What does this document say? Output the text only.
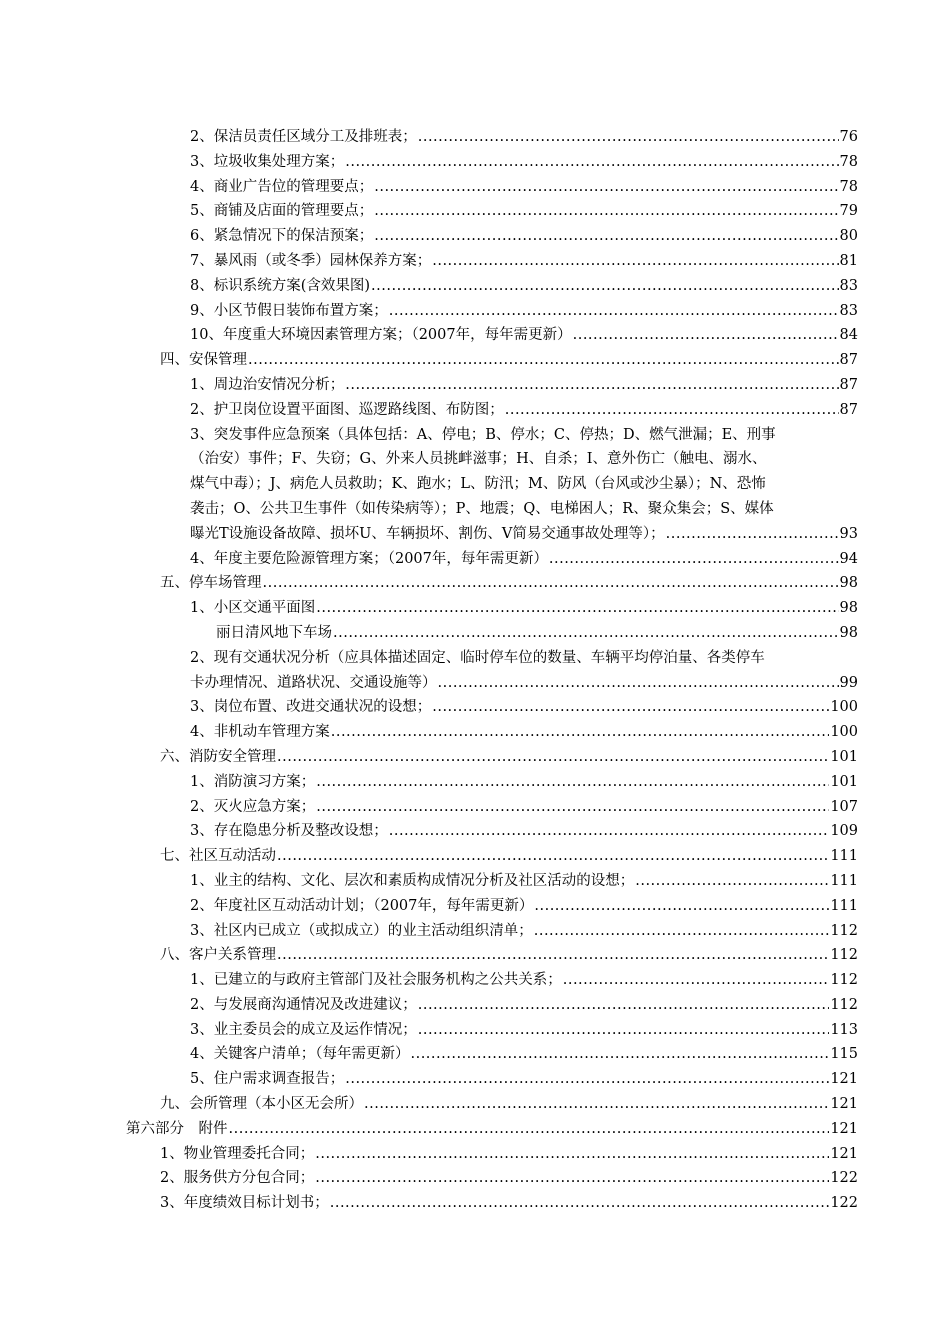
2、保洁员责任区域分工及排班表； .....	76
3、垃圾收集处理方案； .....	78
4、商业广告位的管理要点； .....	78
5、商铺及店面的管理要点； .....	79
6、紧急情况下的保洁预案； .....	80
7、暴风雨（或冬季）园林保养方案； .....	81
8、标识系统方案(含效果图) .....	83
9、小区节假日装饰布置方案； .....	83
10、年度重大环境因素管理方案；（2007年，每年需更新） .....	84
四、安保管理 .....	87
1、周边治安情况分析； .....	87
2、护卫岗位设置平面图、巡逻路线图、布防图； .....	87
3、突发事件应急预案（具体包括：A、停电；B、停水；C、停热；D、燃气泄漏；E、刑事
（治安）事件；F、失窃；G、外来人员挑衅滋事；H、自杀；I、意外伤亡（触电、溺水、
煤气中毒）；J、病危人员救助；K、跑水；L、防汛；M、防风（台风或沙尘暴）；N、恐怖
袭击；O、公共卫生事件（如传染病等）；P、地震；Q、电梯困人；R、聚众集会；S、媒体
曝光T设施设备故障、损坏U、车辆损坏、割伤、V简易交通事故处理等）； .....	93
4、年度主要危险源管理方案；（2007年，每年需更新） .....	94
五、停车场管理 .....	98
1、小区交通平面图 .....	98
丽日清风地下车场 .....	98
2、现有交通状况分析（应具体描述固定、临时停车位的数量、车辆平均停泊量、各类停车
卡办理情况、道路状况、交通设施等） .....	99
3、岗位布置、改进交通状况的设想； .....	100
4、非机动车管理方案 .....	100
六、消防安全管理 .....	101
1、消防演习方案； .....	101
2、灭火应急方案； .....	107
3、存在隐患分析及整改设想； .....	109
七、社区互动活动 .....	111
1、业主的结构、文化、层次和素质构成情况分析及社区活动的设想； .....	111
2、年度社区互动活动计划；（2007年，每年需更新） .....	111
3、社区内已成立（或拟成立）的业主活动组织清单； .....	112
八、客户关系管理 .....	112
1、已建立的与政府主管部门及社会服务机构之公共关系； .....	112
2、与发展商沟通情况及改进建议； .....	112
3、业主委员会的成立及运作情况； .....	113
4、关键客户清单；（每年需更新） .....	115
5、住户需求调查报告； .....	121
九、会所管理（本小区无会所） .....	121
第六部分　附件 .....	121
1、物业管理委托合同； .....	121
2、服务供方分包合同； .....	122
3、年度绩效目标计划书； .....	122
